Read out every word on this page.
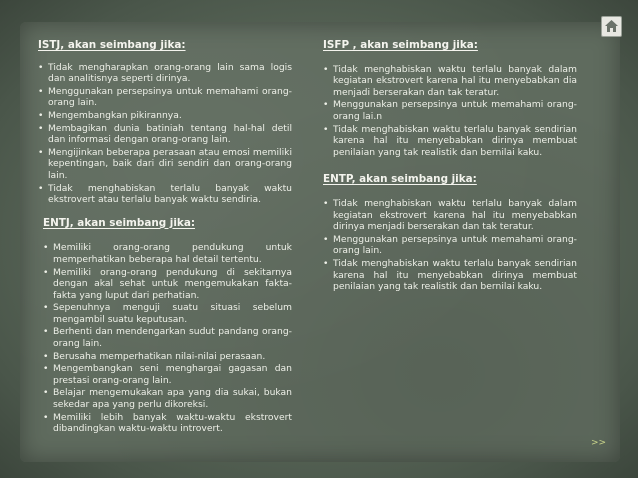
ISTJ, akan seimbang jika:
• Tidak mengharapkan orang-orang lain sama logis dan analitisnya seperti dirinya.
• Menggunakan persepsinya untuk memahami orang-orang lain.
• Mengembangkan pikirannya.
• Membagikan dunia batiniah tentang hal-hal detil dan informasi dengan orang-orang lain.
• Mengijinkan beberapa perasaan atau emosi memiliki kepentingan, baik dari diri sendiri dan orang-orang lain.
• Tidak menghabiskan terlalu banyak waktu ekstrovert atau terlalu banyak waktu sendiria.
ENTJ, akan seimbang jika:
• Memiliki orang-orang pendukung untuk memperhatikan beberapa hal detail tertentu.
• Memiliki orang-orang pendukung di sekitarnya dengan akal sehat untuk mengemukakan fakta-fakta yang luput dari perhatian.
• Sepenuhnya menguji suatu situasi sebelum mengambil suatu keputusan.
• Berhenti dan mendengarkan sudut pandang orang-orang lain.
• Berusaha memperhatikan nilai-nilai perasaan.
• Mengembangkan seni menghargai gagasan dan prestasi orang-orang lain.
• Belajar mengemukakan apa yang dia sukai, bukan sekedar apa yang perlu dikoreksi.
• Memiliki lebih banyak waktu-waktu ekstrovert dibandingkan waktu-waktu introvert.
ISFP , akan seimbang jika:
• Tidak menghabiskan waktu terlalu banyak dalam kegiatan ekstrovert karena hal itu menyebabkan dia menjadi berserakan dan tak teratur.
• Menggunakan persepsinya untuk memahami orang-orang lai.n
• Tidak menghabiskan waktu terlalu banyak sendirian karena hal itu menyebabkan dirinya membuat penilaian yang tak realistik dan bernilai kaku.
ENTP, akan seimbang jika:
• Tidak menghabiskan waktu terlalu banyak dalam kegiatan ekstrovert karena hal itu menyebabkan dirinya menjadi berserakan dan tak teratur.
• Menggunakan persepsinya untuk memahami orang-orang lain.
• Tidak menghabiskan waktu terlalu banyak sendirian karena hal itu menyebabkan dirinya membuat penilaian yang tak realistik dan bernilai kaku.
>>
